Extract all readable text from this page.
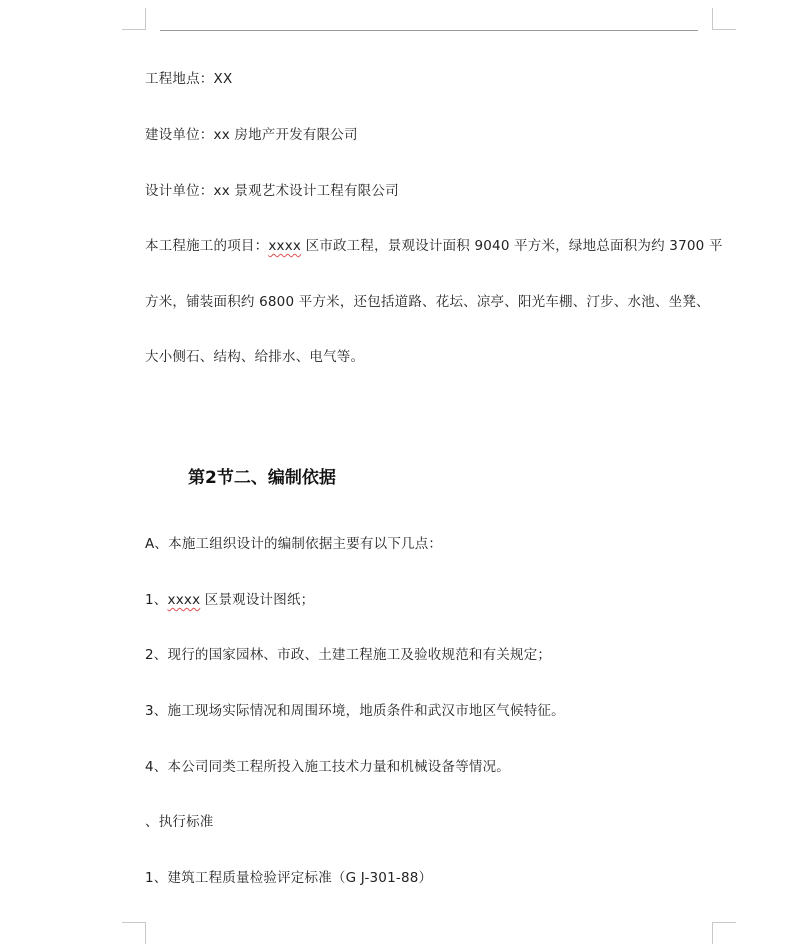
工程地点：XX
建设单位：xx 房地产开发有限公司
设计单位：xx 景观艺术设计工程有限公司
本工程施工的项目：xxxx 区市政工程，景观设计面积 9040 平方米，绿地总面积为约 3700 平
方米，铺装面积约 6800 平方米，还包括道路、花坛、凉亭、阳光车棚、汀步、水池、坐凳、
大小侧石、结构、给排水、电气等。
第2节二、编制依据
A、本施工组织设计的编制依据主要有以下几点：
1、xxxx 区景观设计图纸；
2、现行的国家园林、市政、土建工程施工及验收规范和有关规定；
3、施工现场实际情况和周围环境，地质条件和武汉市地区气候特征。
4、本公司同类工程所投入施工技术力量和机械设备等情况。
、执行标准
1、建筑工程质量检验评定标准（G J-301-88）
